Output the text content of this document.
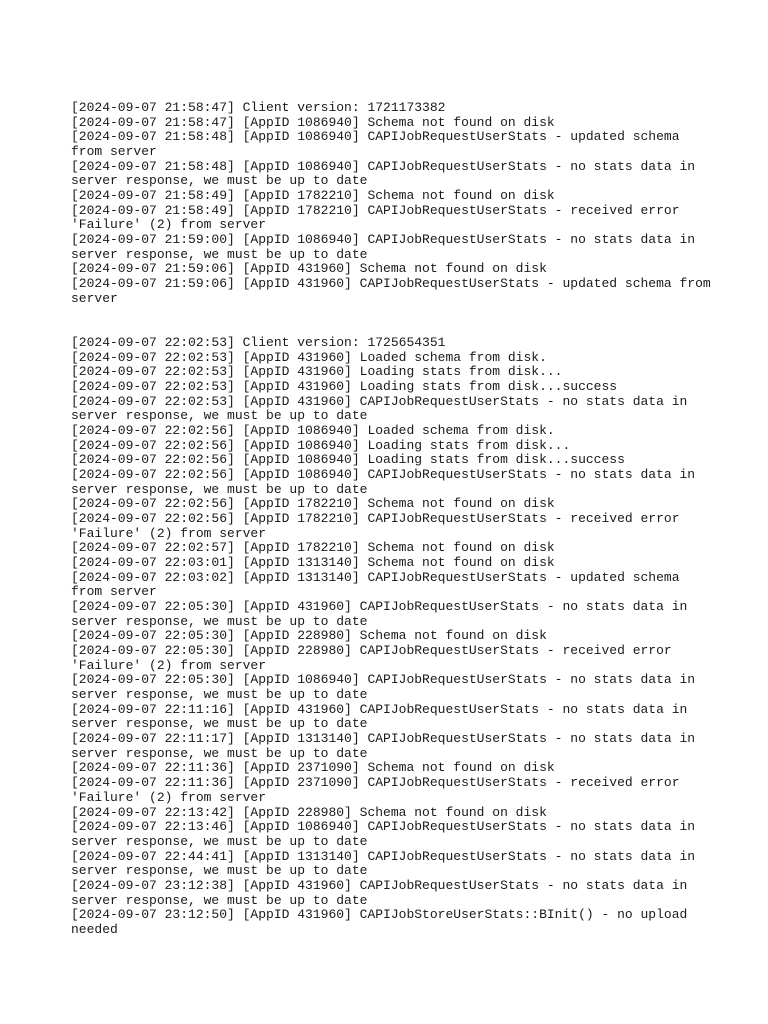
[2024-09-07 21:58:47] Client version: 1721173382
[2024-09-07 21:58:47] [AppID 1086940] Schema not found on disk
[2024-09-07 21:58:48] [AppID 1086940] CAPIJobRequestUserStats - updated schema from server
[2024-09-07 21:58:48] [AppID 1086940] CAPIJobRequestUserStats - no stats data in server response, we must be up to date
[2024-09-07 21:58:49] [AppID 1782210] Schema not found on disk
[2024-09-07 21:58:49] [AppID 1782210] CAPIJobRequestUserStats - received error 'Failure' (2) from server
[2024-09-07 21:59:00] [AppID 1086940] CAPIJobRequestUserStats - no stats data in server response, we must be up to date
[2024-09-07 21:59:06] [AppID 431960] Schema not found on disk
[2024-09-07 21:59:06] [AppID 431960] CAPIJobRequestUserStats - updated schema from server
[2024-09-07 22:02:53] Client version: 1725654351
[2024-09-07 22:02:53] [AppID 431960] Loaded schema from disk.
[2024-09-07 22:02:53] [AppID 431960] Loading stats from disk...
[2024-09-07 22:02:53] [AppID 431960] Loading stats from disk...success
[2024-09-07 22:02:53] [AppID 431960] CAPIJobRequestUserStats - no stats data in server response, we must be up to date
[2024-09-07 22:02:56] [AppID 1086940] Loaded schema from disk.
[2024-09-07 22:02:56] [AppID 1086940] Loading stats from disk...
[2024-09-07 22:02:56] [AppID 1086940] Loading stats from disk...success
[2024-09-07 22:02:56] [AppID 1086940] CAPIJobRequestUserStats - no stats data in server response, we must be up to date
[2024-09-07 22:02:56] [AppID 1782210] Schema not found on disk
[2024-09-07 22:02:56] [AppID 1782210] CAPIJobRequestUserStats - received error 'Failure' (2) from server
[2024-09-07 22:02:57] [AppID 1782210] Schema not found on disk
[2024-09-07 22:03:01] [AppID 1313140] Schema not found on disk
[2024-09-07 22:03:02] [AppID 1313140] CAPIJobRequestUserStats - updated schema from server
[2024-09-07 22:05:30] [AppID 431960] CAPIJobRequestUserStats - no stats data in server response, we must be up to date
[2024-09-07 22:05:30] [AppID 228980] Schema not found on disk
[2024-09-07 22:05:30] [AppID 228980] CAPIJobRequestUserStats - received error 'Failure' (2) from server
[2024-09-07 22:05:30] [AppID 1086940] CAPIJobRequestUserStats - no stats data in server response, we must be up to date
[2024-09-07 22:11:16] [AppID 431960] CAPIJobRequestUserStats - no stats data in server response, we must be up to date
[2024-09-07 22:11:17] [AppID 1313140] CAPIJobRequestUserStats - no stats data in server response, we must be up to date
[2024-09-07 22:11:36] [AppID 2371090] Schema not found on disk
[2024-09-07 22:11:36] [AppID 2371090] CAPIJobRequestUserStats - received error 'Failure' (2) from server
[2024-09-07 22:13:42] [AppID 228980] Schema not found on disk
[2024-09-07 22:13:46] [AppID 1086940] CAPIJobRequestUserStats - no stats data in server response, we must be up to date
[2024-09-07 22:44:41] [AppID 1313140] CAPIJobRequestUserStats - no stats data in server response, we must be up to date
[2024-09-07 23:12:38] [AppID 431960] CAPIJobRequestUserStats - no stats data in server response, we must be up to date
[2024-09-07 23:12:50] [AppID 431960] CAPIJobStoreUserStats::BInit() - no upload needed
